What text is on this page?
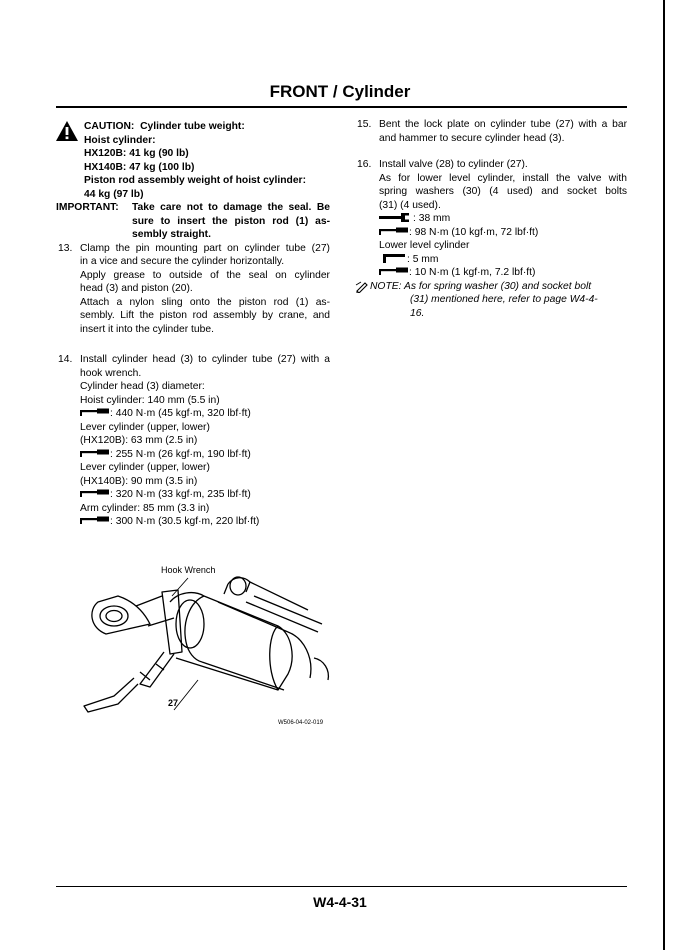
FRONT / Cylinder
CAUTION: Cylinder tube weight:
Hoist cylinder:
HX120B: 41 kg (90 lb)
HX140B: 47 kg (100 lb)
Piston rod assembly weight of hoist cylinder:
44 kg (97 lb)
IMPORTANT: Take care not to damage the seal. Be
sure to insert the piston rod (1) as-
sembly straight.
13. Clamp the pin mounting part on cylinder tube (27)
in a vice and secure the cylinder horizontally.
Apply grease to outside of the seal on cylinder
head (3) and piston (20).
Attach a nylon sling onto the piston rod (1) as-
sembly. Lift the piston rod assembly by crane, and
insert it into the cylinder tube.
14. Install cylinder head (3) to cylinder tube (27) with a
hook wrench.
Cylinder head (3) diameter:
Hoist cylinder: 140 mm (5.5 in)
: 440 N·m (45 kgf·m, 320 lbf·ft)
Lever cylinder (upper, lower)
(HX120B): 63 mm (2.5 in)
: 255 N·m (26 kgf·m, 190 lbf·ft)
Lever cylinder (upper, lower)
(HX140B): 90 mm (3.5 in)
: 320 N·m (33 kgf·m, 235 lbf·ft)
Arm cylinder: 85 mm (3.3 in)
: 300 N·m (30.5 kgf·m, 220 lbf·ft)
Hook Wrench
27
W506-04-02-019
15. Bent the lock plate on cylinder tube (27) with a bar
and hammer to secure cylinder head (3).
16. Install valve (28) to cylinder (27).
As for lower level cylinder, install the valve with
spring washers (30) (4 used) and socket bolts
(31) (4 used).
: 38 mm
: 98 N·m (10 kgf·m, 72 lbf·ft)
Lower level cylinder
: 5 mm
: 10 N·m (1 kgf·m, 7.2 lbf·ft)
NOTE: As for spring washer (30) and socket bolt
(31) mentioned here, refer to page W4-4-
16.
W4-4-31
